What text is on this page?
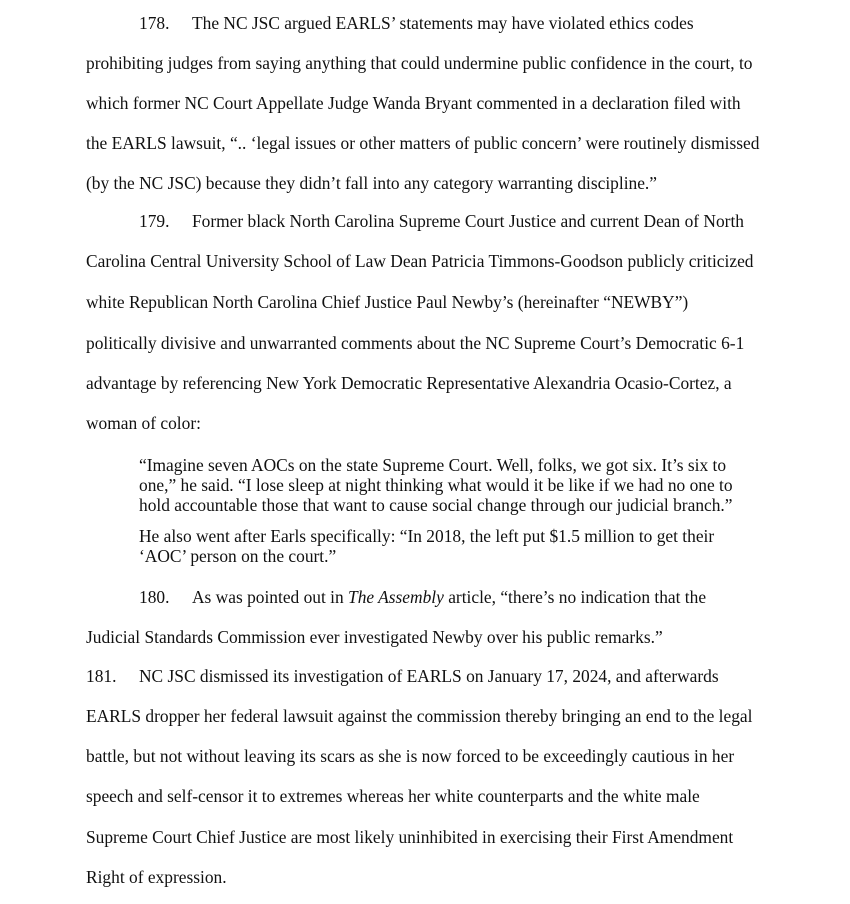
178. The NC JSC argued EARLS’ statements may have violated ethics codes
prohibiting judges from saying anything that could undermine public confidence in the court, to
which former NC Court Appellate Judge Wanda Bryant commented in a declaration filed with
the EARLS lawsuit, “.. ‘legal issues or other matters of public concern’ were routinely dismissed
(by the NC JSC) because they didn’t fall into any category warranting discipline.”
179. Former black North Carolina Supreme Court Justice and current Dean of North
Carolina Central University School of Law Dean Patricia Timmons-Goodson publicly criticized
white Republican North Carolina Chief Justice Paul Newby’s (hereinafter “NEWBY”)
politically divisive and unwarranted comments about the NC Supreme Court’s Democratic 6-1
advantage by referencing New York Democratic Representative Alexandria Ocasio-Cortez, a
woman of color:
“Imagine seven AOCs on the state Supreme Court. Well, folks, we got six. It’s six to
one,” he said. “I lose sleep at night thinking what would it be like if we had no one to
hold accountable those that want to cause social change through our judicial branch.”
He also went after Earls specifically: “In 2018, the left put $1.5 million to get their
‘AOC’ person on the court.”
180. As was pointed out in The Assembly article, “there’s no indication that the
Judicial Standards Commission ever investigated Newby over his public remarks.”
181. NC JSC dismissed its investigation of EARLS on January 17, 2024, and afterwards
EARLS dropper her federal lawsuit against the commission thereby bringing an end to the legal
battle, but not without leaving its scars as she is now forced to be exceedingly cautious in her
speech and self-censor it to extremes whereas her white counterparts and the white male
Supreme Court Chief Justice are most likely uninhibited in exercising their First Amendment
Right of expression.
